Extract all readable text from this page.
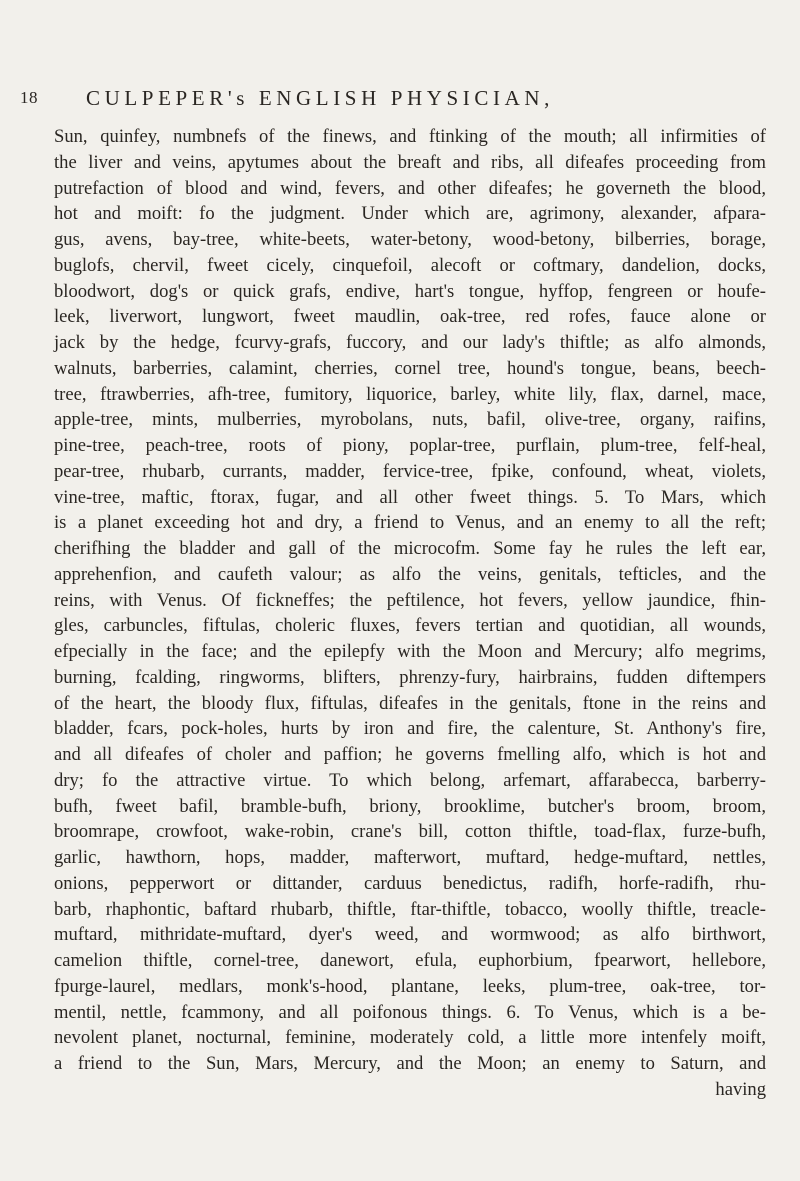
18 CULPEPER's ENGLISH PHYSICIAN,
Sun, quinfey, numbnefs of the finews, and ftinking of the mouth; all infirmities of
the liver and veins, apytumes about the breaft and ribs, all difeafes proceeding from
putrefaction of blood and wind, fevers, and other difeafes; he governeth the blood,
hot and moift: fo the judgment. Under which are, agrimony, alexander, afpara-
gus, avens, bay-tree, white-beets, water-betony, wood-betony, bilberries, borage,
buglofs, chervil, fweet cicely, cinquefoil, alecoft or coftmary, dandelion, docks,
bloodwort, dog's or quick grafs, endive, hart's tongue, hyffop, fengreen or houfe-
leek, liverwort, lungwort, fweet maudlin, oak-tree, red rofes, fauce alone or
jack by the hedge, fcurvy-grafs, fuccory, and our lady's thiftle; as alfo almonds,
walnuts, barberries, calamint, cherries, cornel tree, hound's tongue, beans, beech-
tree, ftrawberries, afh-tree, fumitory, liquorice, barley, white lily, flax, darnel, mace,
apple-tree, mints, mulberries, myrobolans, nuts, bafil, olive-tree, organy, raifins,
pine-tree, peach-tree, roots of piony, poplar-tree, purflain, plum-tree, felf-heal,
pear-tree, rhubarb, currants, madder, fervice-tree, fpike, confound, wheat, violets,
vine-tree, maftic, ftorax, fugar, and all other fweet things. 5. To Mars, which
is a planet exceeding hot and dry, a friend to Venus, and an enemy to all the reft;
cherifhing the bladder and gall of the microcofm. Some fay he rules the left ear,
apprehenfion, and caufeth valour; as alfo the veins, genitals, tefticles, and the
reins, with Venus. Of fickneffes; the peftilence, hot fevers, yellow jaundice, fhin-
gles, carbuncles, fiftulas, choleric fluxes, fevers tertian and quotidian, all wounds,
efpecially in the face; and the epilepfy with the Moon and Mercury; alfo megrims,
burning, fcalding, ringworms, blifters, phrenzy-fury, hairbrains, fudden diftempers
of the heart, the bloody flux, fiftulas, difeafes in the genitals, ftone in the reins and
bladder, fcars, pock-holes, hurts by iron and fire, the calenture, St. Anthony's fire,
and all difeafes of choler and paffion; he governs fmelling alfo, which is hot and
dry; fo the attractive virtue. To which belong, arfemart, affarabecca, barberry-
bufh, fweet bafil, bramble-bufh, briony, brooklime, butcher's broom, broom,
broomrape, crowfoot, wake-robin, crane's bill, cotton thiftle, toad-flax, furze-bufh,
garlic, hawthorn, hops, madder, mafterwort, muftard, hedge-muftard, nettles,
onions, pepperwort or dittander, carduus benedictus, radifh, horfe-radifh, rhu-
barb, rhaphontic, baftard rhubarb, thiftle, ftar-thiftle, tobacco, woolly thiftle, treacle-
muftard, mithridate-muftard, dyer's weed, and wormwood; as alfo birthwort,
camelion thiftle, cornel-tree, danewort, efula, euphorbium, fpearwort, hellebore,
fpurge-laurel, medlars, monk's-hood, plantane, leeks, plum-tree, oak-tree, tor-
mentil, nettle, fcammony, and all poifonous things. 6. To Venus, which is a be-
nevolent planet, nocturnal, feminine, moderately cold, a little more intenfely moift,
a friend to the Sun, Mars, Mercury, and the Moon; an enemy to Saturn, and
having
